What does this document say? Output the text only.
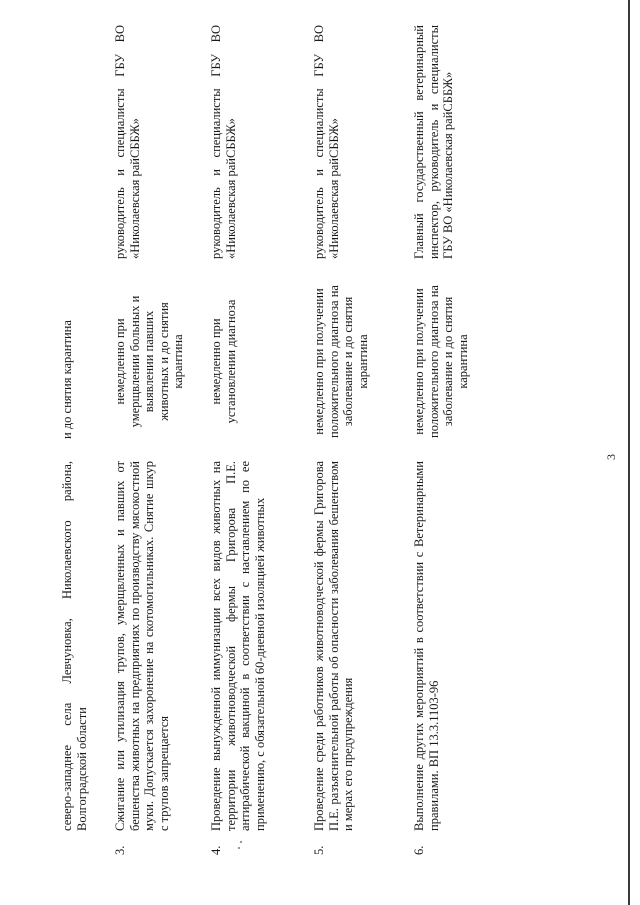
3
северо-западнее села Левчуновка, Николаевского района, Волгоградской области
и до снятия карантина
3.
Сжигание или утилизация трупов, умерщвленных и павших от бешенства животных на предприятиях по производству мясокостной муки. Допускается захоронение на скотомогильниках. Снятие шкур с трупов запрещается
немедленно при умерщвлении больных и выявлении павших животных и до снятия карантина
руководитель и специалисты ГБУ ВО «Николаевская райСББЖ»
4.
Проведение вынужденной иммунизации всех видов животных на территории животноводческой фермы Григорова П.Е. антирабической вакциной в соответствии с наставлением по ее применению, с обязательной 60-дневной изоляцией животных
немедленно при установлении диагноза
руководитель и специалисты ГБУ ВО «Николаевская райСББЖ»
5.
Проведение среди работников животноводческой фермы Григорова П.Е. разъяснительной работы об опасности заболевания бешенством и мерах его предупреждения
немедленно при получении положительного диагноза на заболевание и до снятия карантина
руководитель и специалисты ГБУ ВО «Николаевская райСББЖ»
6.
Выполнение других мероприятий в соответствии с Ветеринарными правилами. ВП 13.3.1103-96
немедленно при получении положительного диагноза на заболевание и до снятия карантина
Главный государственный ветеринарный инспектор, руководитель и специалисты ГБУ ВО «Николаевская райСББЖ»
